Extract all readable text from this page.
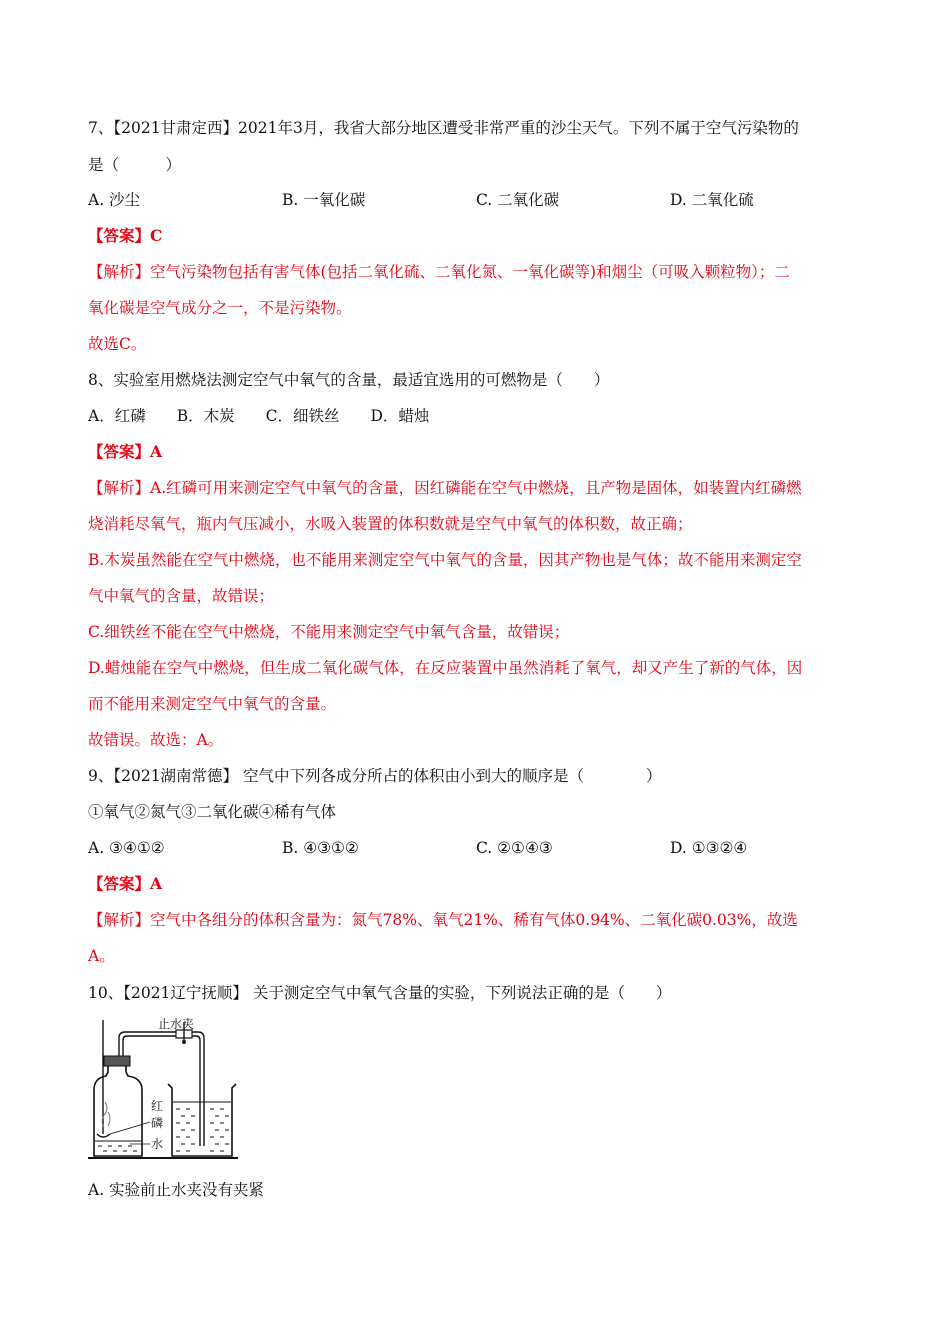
7、【2021甘肃定西】2021年3月，我省大部分地区遭受非常严重的沙尘天气。下列不属于空气污染物的
是（　　　）
A. 沙尘	B. 一氧化碳	C. 二氧化碳	D. 二氧化硫
【答案】C
【解析】空气污染物包括有害气体(包括二氧化硫、二氧化氮、一氧化碳等)和烟尘（可吸入颗粒物）；二
氧化碳是空气成分之一，不是污染物。
故选C。
8、实验室用燃烧法测定空气中氧气的含量，最适宜选用的可燃物是（　　）
A．红磷　　B．木炭　　C．细铁丝　　D．蜡烛
【答案】A
【解析】A.红磷可用来测定空气中氧气的含量，因红磷能在空气中燃烧，且产物是固体，如装置内红磷燃
烧消耗尽氧气，瓶内气压减小，水吸入装置的体积数就是空气中氧气的体积数，故正确；
B.木炭虽然能在空气中燃烧，也不能用来测定空气中氧气的含量，因其产物也是气体；故不能用来测定空
气中氧气的含量，故错误；
C.细铁丝不能在空气中燃烧，不能用来测定空气中氧气含量，故错误；
D.蜡烛能在空气中燃烧，但生成二氧化碳气体，在反应装置中虽然消耗了氧气，却又产生了新的气体，因
而不能用来测定空气中氧气的含量。
故错误。故选：A。
9、【2021湖南常德】 空气中下列各成分所占的体积由小到大的顺序是（　　　　）
①氧气②氮气③二氧化碳④稀有气体
A. ③④①②	B. ④③①②	C. ②①④③	D. ①③②④
【答案】A
【解析】空气中各组分的体积含量为：氮气78%、氧气21%、稀有气体0.94%、二氧化碳0.03%，故选
A。
10、【2021辽宁抚顺】 关于测定空气中氧气含量的实验，下列说法正确的是（　　）
止水夹
红
磷
水
A. 实验前止水夹没有夹紧
